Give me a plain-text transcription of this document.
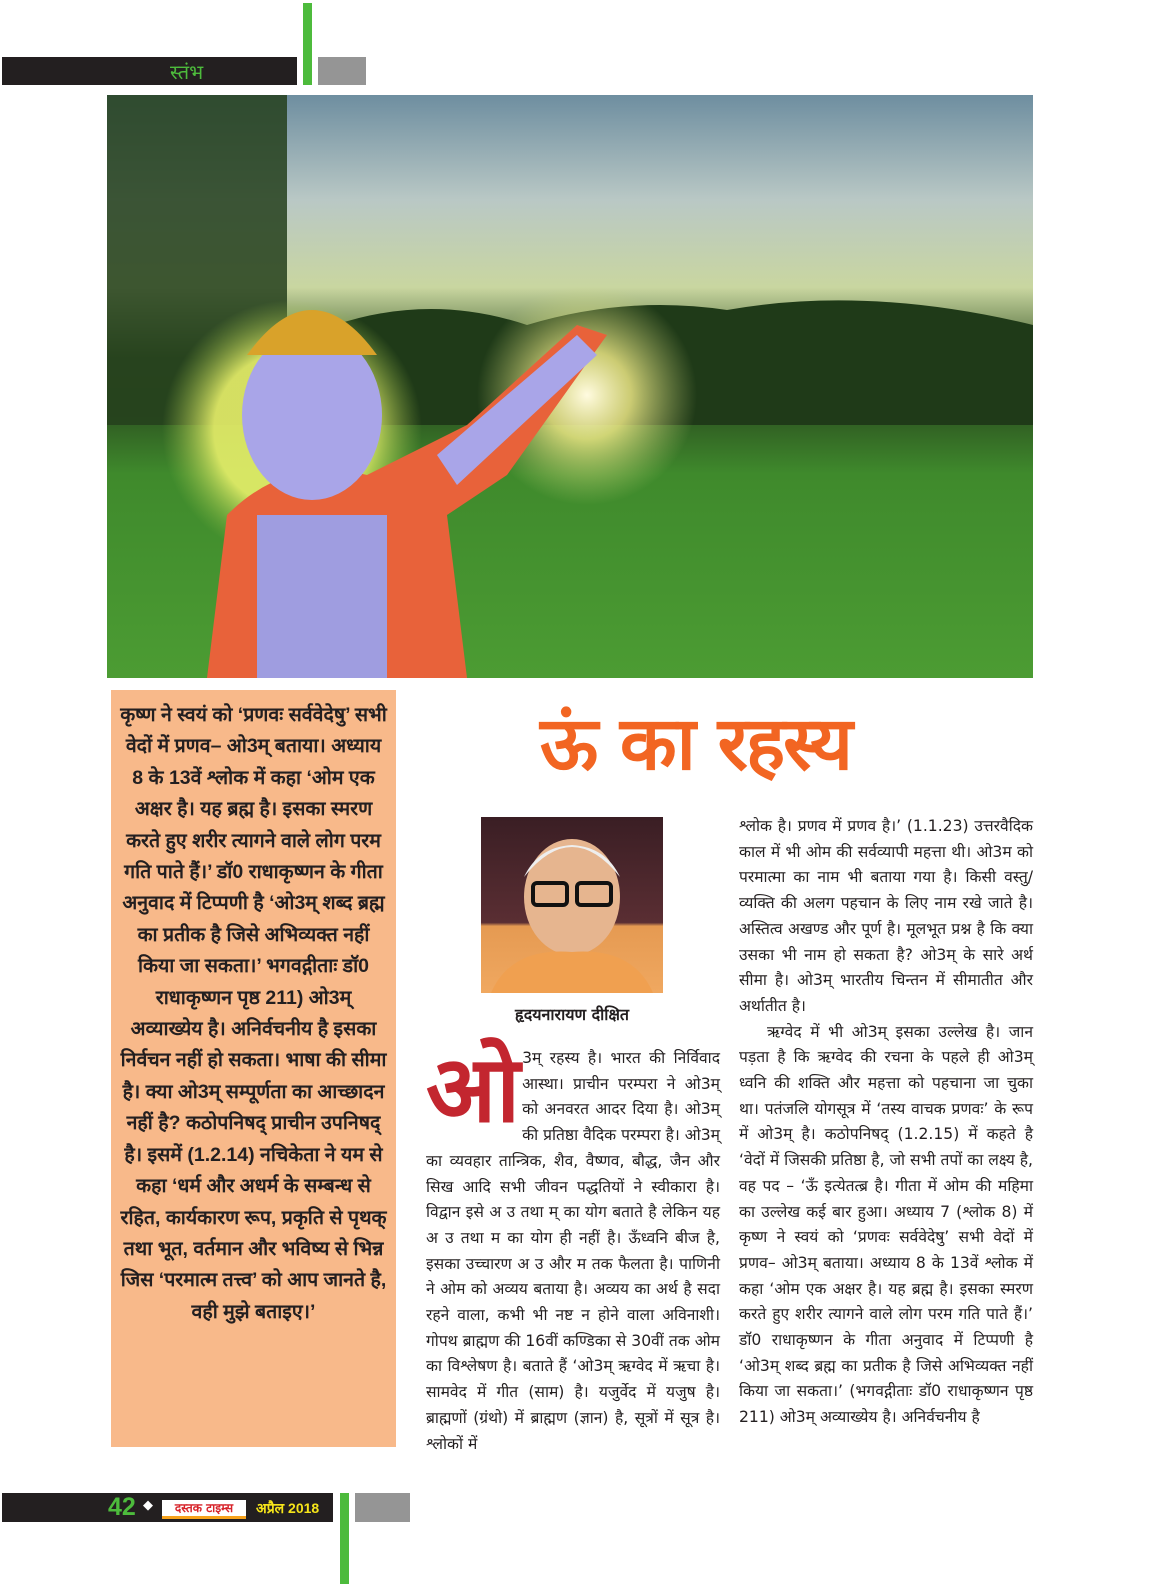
स्तंभ
कृष्ण ने स्वयं को ‘प्रणवः सर्ववेदेषु’ सभी वेदों में प्रणव– ओ3म् बताया। अध्याय 8 के 13वें श्लोक में कहा ‘ओम एक अक्षर है। यह ब्रह्म है। इसका स्मरण करते हुए शरीर त्यागने वाले लोग परम गति पाते हैं।’ डॉ0 राधाकृष्णन के गीता अनुवाद में टिप्पणी है ‘ओ3म् शब्द ब्रह्म का प्रतीक है जिसे अभिव्यक्त नहीं किया जा सकता।’ भगवद्गीताः डॉ0 राधाकृष्णन पृष्ठ 211) ओ3म् अव्याख्येय है। अनिर्वचनीय है इसका निर्वचन नहीं हो सकता। भाषा की सीमा है। क्या ओ3म् सम्पूर्णता का आच्छादन नहीं है? कठोपनिषद् प्राचीन उपनिषद् है। इसमें (1.2.14) नचिकेता ने यम से कहा ‘धर्म और अधर्म के सम्बन्ध से रहित, कार्यकारण रूप, प्रकृति से पृथक् तथा भूत, वर्तमान और भविष्य से भिन्न जिस ‘परमात्म तत्त्व’ को आप जानते है, वही मुझे बताइए।’
ऊं का रहस्य
हृदयनारायण दीक्षित
ओ 3म् रहस्य है। भारत की निर्विवाद आस्था। प्राचीन परम्परा ने ओ3म् को अनवरत आदर दिया है। ओ3म् की प्रतिष्ठा वैदिक परम्परा है। ओ3म् का व्यवहार तान्त्रिक, शैव, वैष्णव, बौद्ध, जैन और सिख आदि सभी जीवन पद्धतियों ने स्वीकारा है। विद्वान इसे अ उ तथा म् का योग बताते है लेकिन यह अ उ तथा म का योग ही नहीं है। ऊँध्वनि बीज है, इसका उच्चारण अ उ और म तक फैलता है। पाणिनी ने ओम को अव्यय बताया है। अव्यय का अर्थ है सदा रहने वाला, कभी भी नष्ट न होने वाला अविनाशी। गोपथ ब्राह्मण की 16वीं कण्डिका से 30वीं तक ओम का विश्लेषण है। बताते हैं ‘ओ3म् ऋग्वेद में ऋचा है। सामवेद में गीत (साम) है। यजुर्वेद में यजुष है। ब्राह्मणों (ग्रंथो) में ब्राह्मण (ज्ञान) है, सूत्रों में सूत्र है। श्लोकों में
श्लोक है। प्रणव में प्रणव है।’ (1.1.23) उत्तरवैदिक काल में भी ओम की सर्वव्यापी महत्ता थी। ओ3म को परमात्मा का नाम भी बताया गया है। किसी वस्तु/व्यक्ति की अलग पहचान के लिए नाम रखे जाते है। अस्तित्व अखण्ड और पूर्ण है। मूलभूत प्रश्न है कि क्या उसका भी नाम हो सकता है? ओ3म् के सारे अर्थ सीमा है। ओ3म् भारतीय चिन्तन में सीमातीत और अर्थातीत है।
ऋग्वेद में भी ओ3म् इसका उल्लेख है। जान पड़ता है कि ऋग्वेद की रचना के पहले ही ओ3म् ध्वनि की शक्ति और महत्ता को पहचाना जा चुका था। पतंजलि योगसूत्र में ‘तस्य वाचक प्रणवः’ के रूप में ओ3म् है। कठोपनिषद् (1.2.15) में कहते है ‘वेदों में जिसकी प्रतिष्ठा है, जो सभी तपों का लक्ष्य है, वह पद – ‘ऊँ इत्येतत्ब्र है। गीता में ओम की महिमा का उल्लेख कई बार हुआ। अध्याय 7 (श्लोक 8) में कृष्ण ने स्वयं को ‘प्रणवः सर्ववेदेषु’ सभी वेदों में प्रणव– ओ3म् बताया। अध्याय 8 के 13वें श्लोक में कहा ‘ओम एक अक्षर है। यह ब्रह्म है। इसका स्मरण करते हुए शरीर त्यागने वाले लोग परम गति पाते हैं।’ डॉ0 राधाकृष्णन के गीता अनुवाद में टिप्पणी है ‘ओ3म् शब्द ब्रह्म का प्रतीक है जिसे अभिव्यक्त नहीं किया जा सकता।’ (भगवद्गीताः डॉ0 राधाकृष्णन पृष्ठ 211) ओ3म् अव्याख्येय है। अनिर्वचनीय है
42 ◆	दस्तक टाइम्स	अप्रैल 2018
